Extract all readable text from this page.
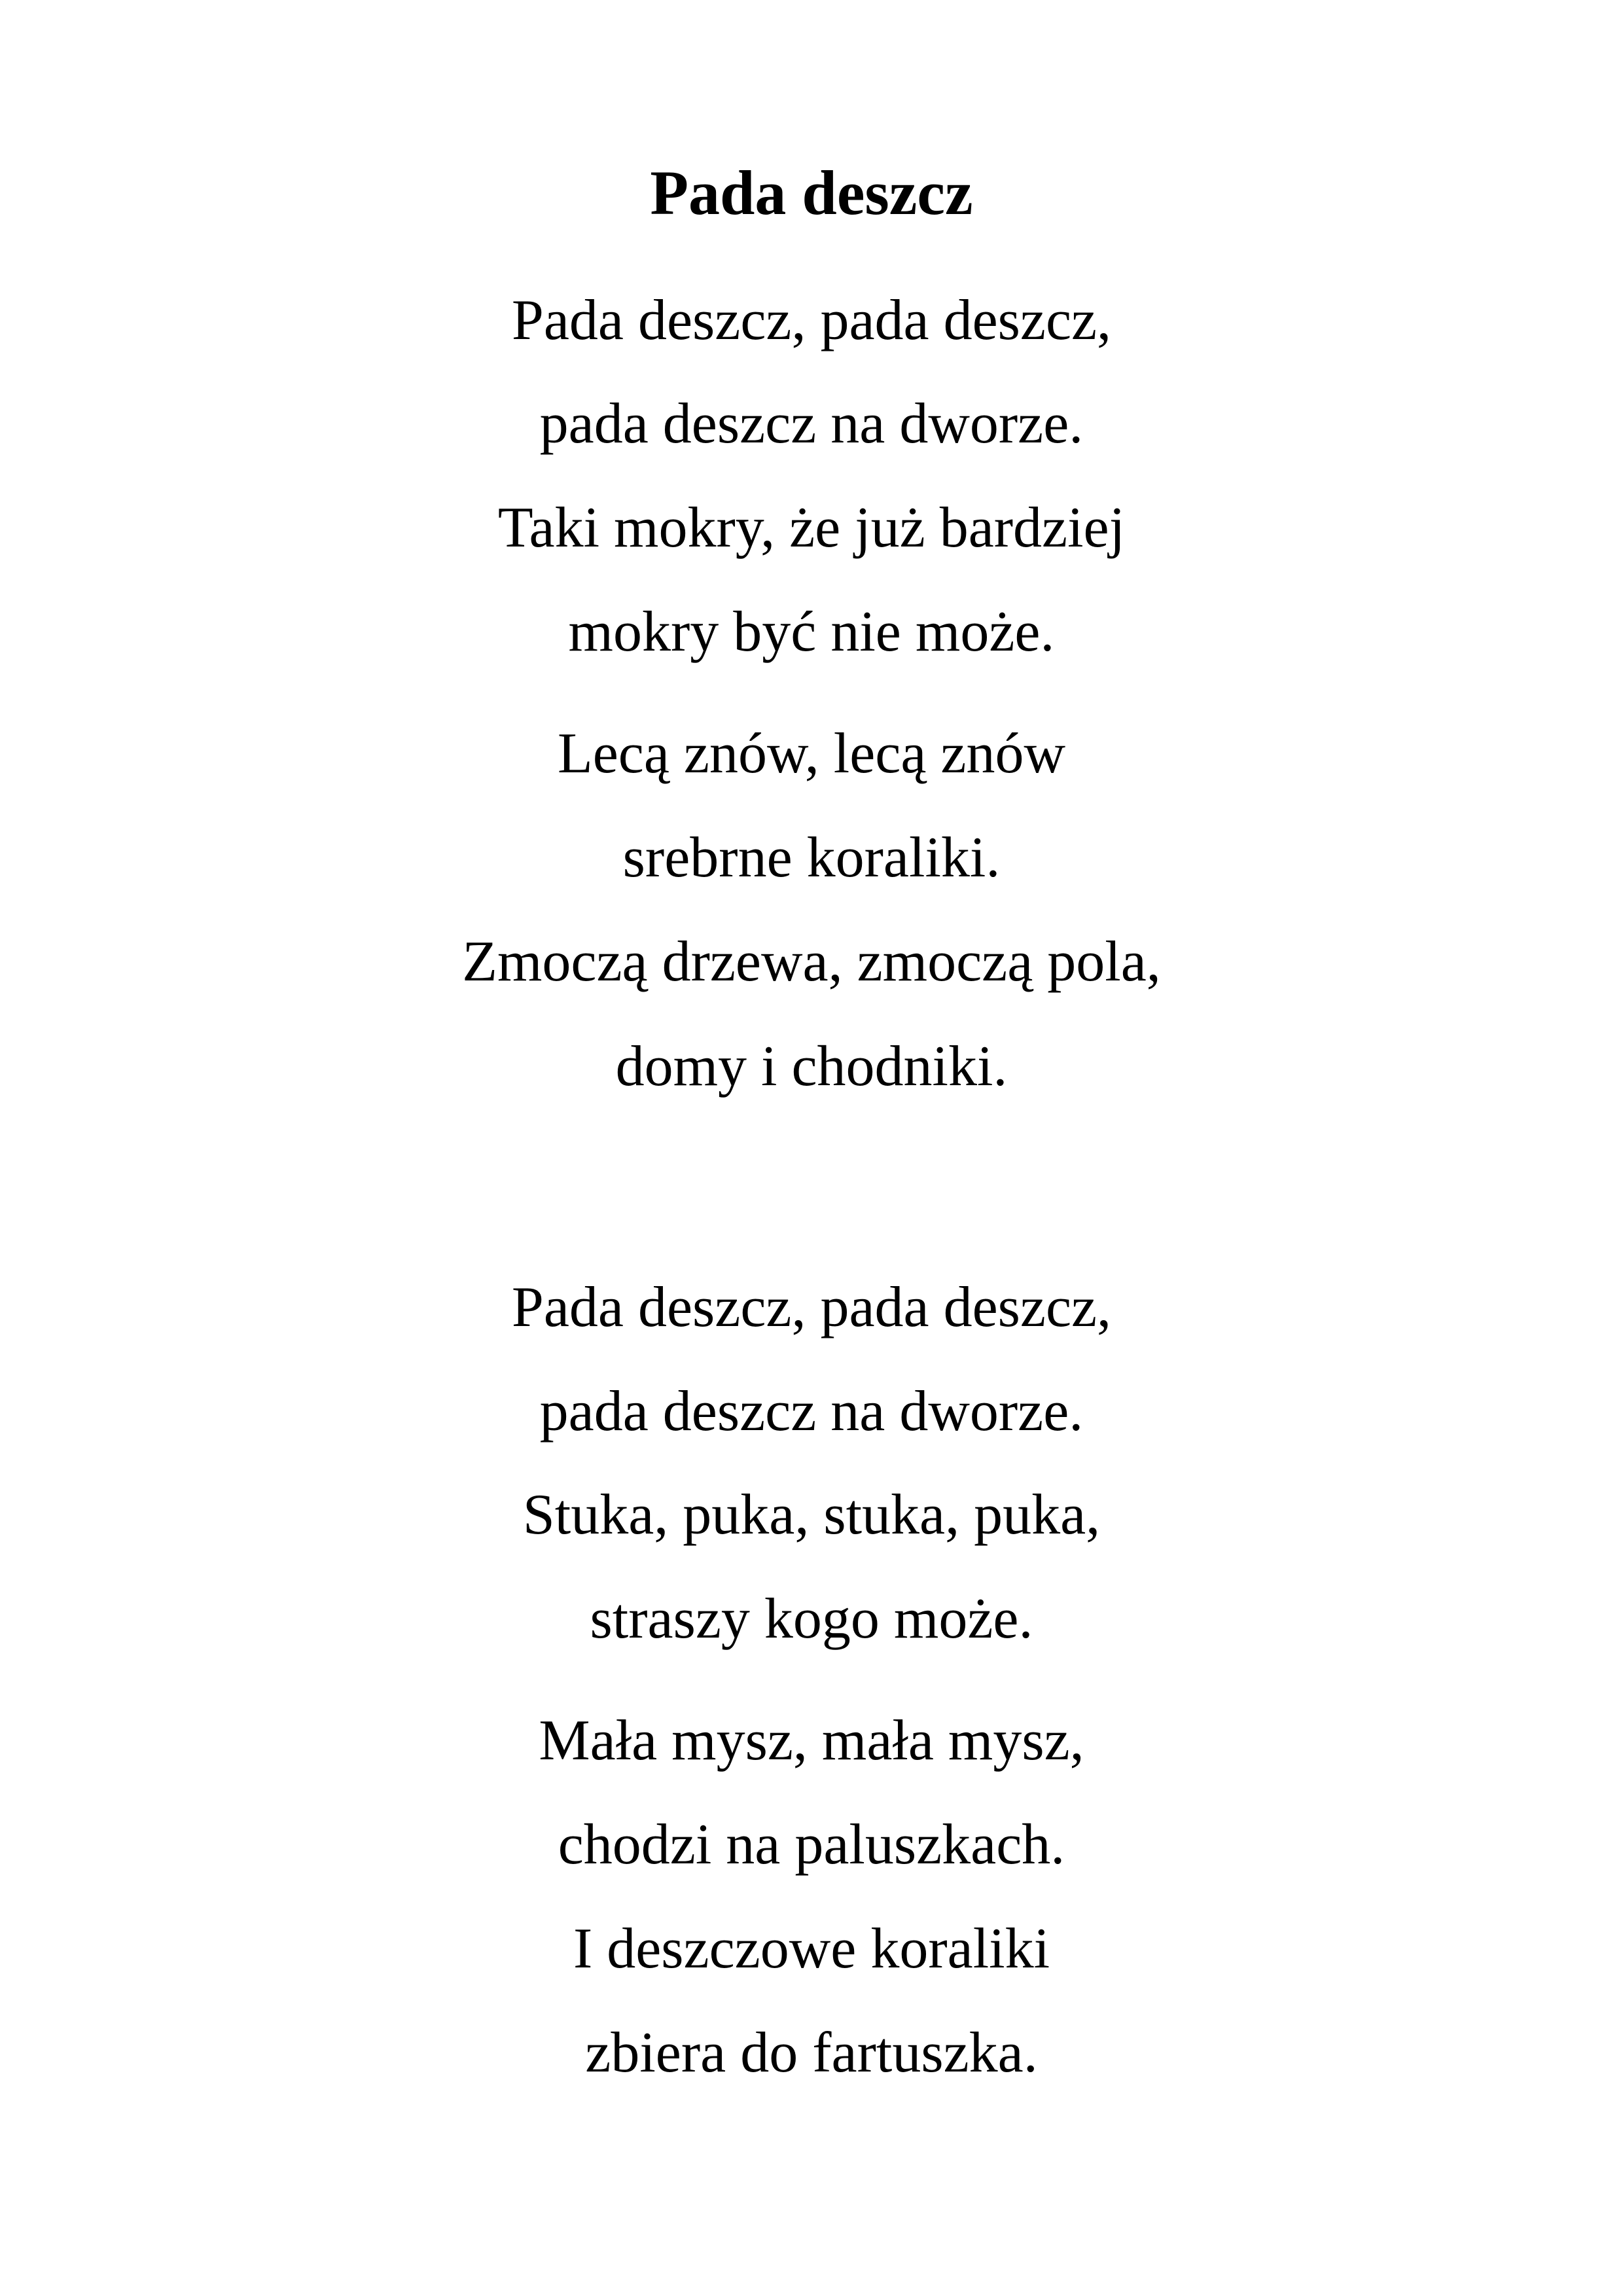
Pada deszcz
Pada deszcz, pada deszcz,
pada deszcz na dworze.
Taki mokry, że już bardziej
mokry być nie może.
Lecą znów, lecą znów
srebrne koraliki.
Zmoczą drzewa, zmoczą pola,
domy i chodniki.
Pada deszcz, pada deszcz,
pada deszcz na dworze.
Stuka, puka, stuka, puka,
straszy kogo może.
Mała mysz, mała mysz,
chodzi na paluszkach.
I deszczowe koraliki
zbiera do fartuszka.
